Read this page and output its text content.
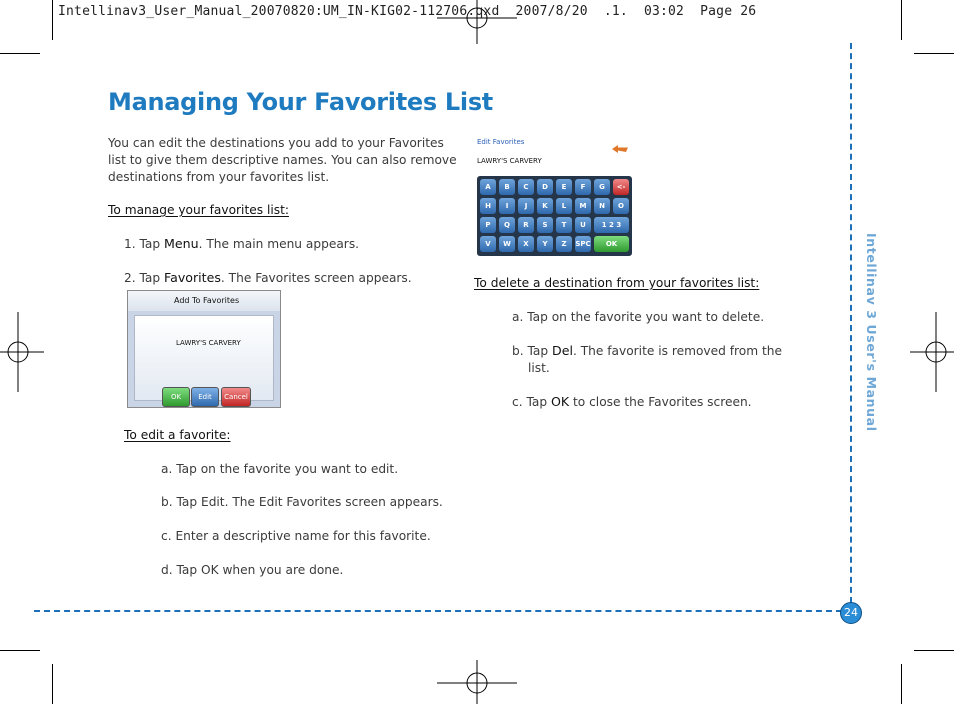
Intellinav3_User_Manual_20070820:UM_IN-KIG02-112706.qxd  2007/8/20  .1.  03:02  Page 26
Managing Your Favorites List
You can edit the destinations you add to your Favorites
list to give them descriptive names. You can also remove
destinations from your favorites list.
To manage your favorites list:
1. Tap Menu. The main menu appears.
2. Tap Favorites. The Favorites screen appears.
Add To Favorites
LAWRY'S CARVERY
OK	Edit	Cancel
To edit a favorite:
a. Tap on the favorite you want to edit.
b. Tap Edit. The Edit Favorites screen appears.
c. Enter a descriptive name for this favorite.
d. Tap OK when you are done.
Edit Favorites
LAWRY'S CARVERY
A	B	C	D	E	F	G	<-
H	I	J	K	L	M	N	O
P	Q	R	S	T	U	1 2 3
V	W	X	Y	Z	SPC	OK
To delete a destination from your favorites list:
a. Tap on the favorite you want to delete.
b. Tap Del. The favorite is removed from the
list.
c. Tap OK to close the Favorites screen.	Intellinav 3 User's Manual
24
